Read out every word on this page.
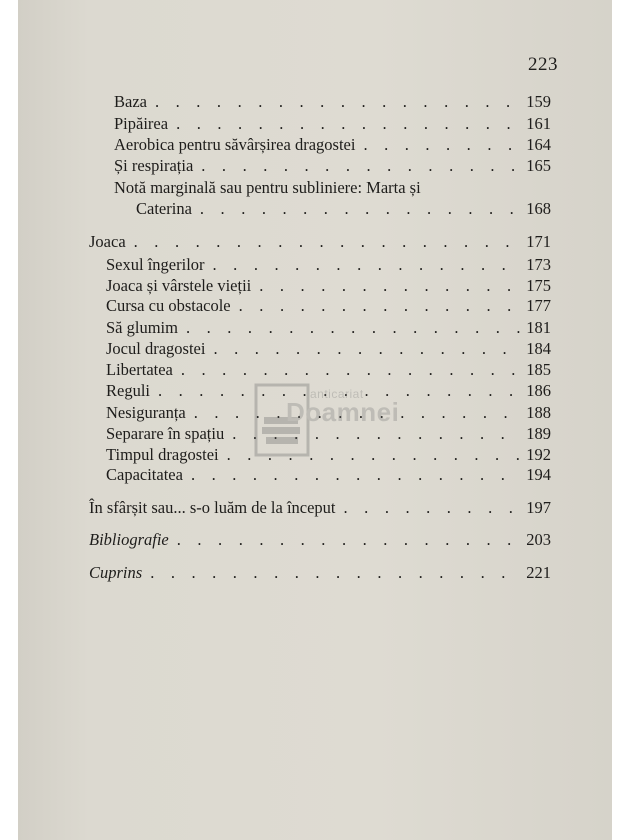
223
Baza . . .	159
Pipăirea . . .	161
Aerobica pentru săvârșirea dragostei . . .	164
Și respirația . . .	165
Notă marginală sau pentru subliniere: Marta și
Caterina . . .	168
Joaca . . .	171
Sexul îngerilor . . .	173
Joaca și vârstele vieții . . .	175
Cursa cu obstacole . . .	177
Să glumim . . .	181
Jocul dragostei . . .	184
Libertatea . . .	185
Reguli . . .	186
Nesiguranța . . .	188
Separare în spațiu . . .	189
Timpul dragostei . . .	192
Capacitatea . . .	194
În sfârșit sau... s-o luăm de la început . . .	197
Bibliografie . . .	203
Cuprins . . .	221
anticariat
Doamnei
